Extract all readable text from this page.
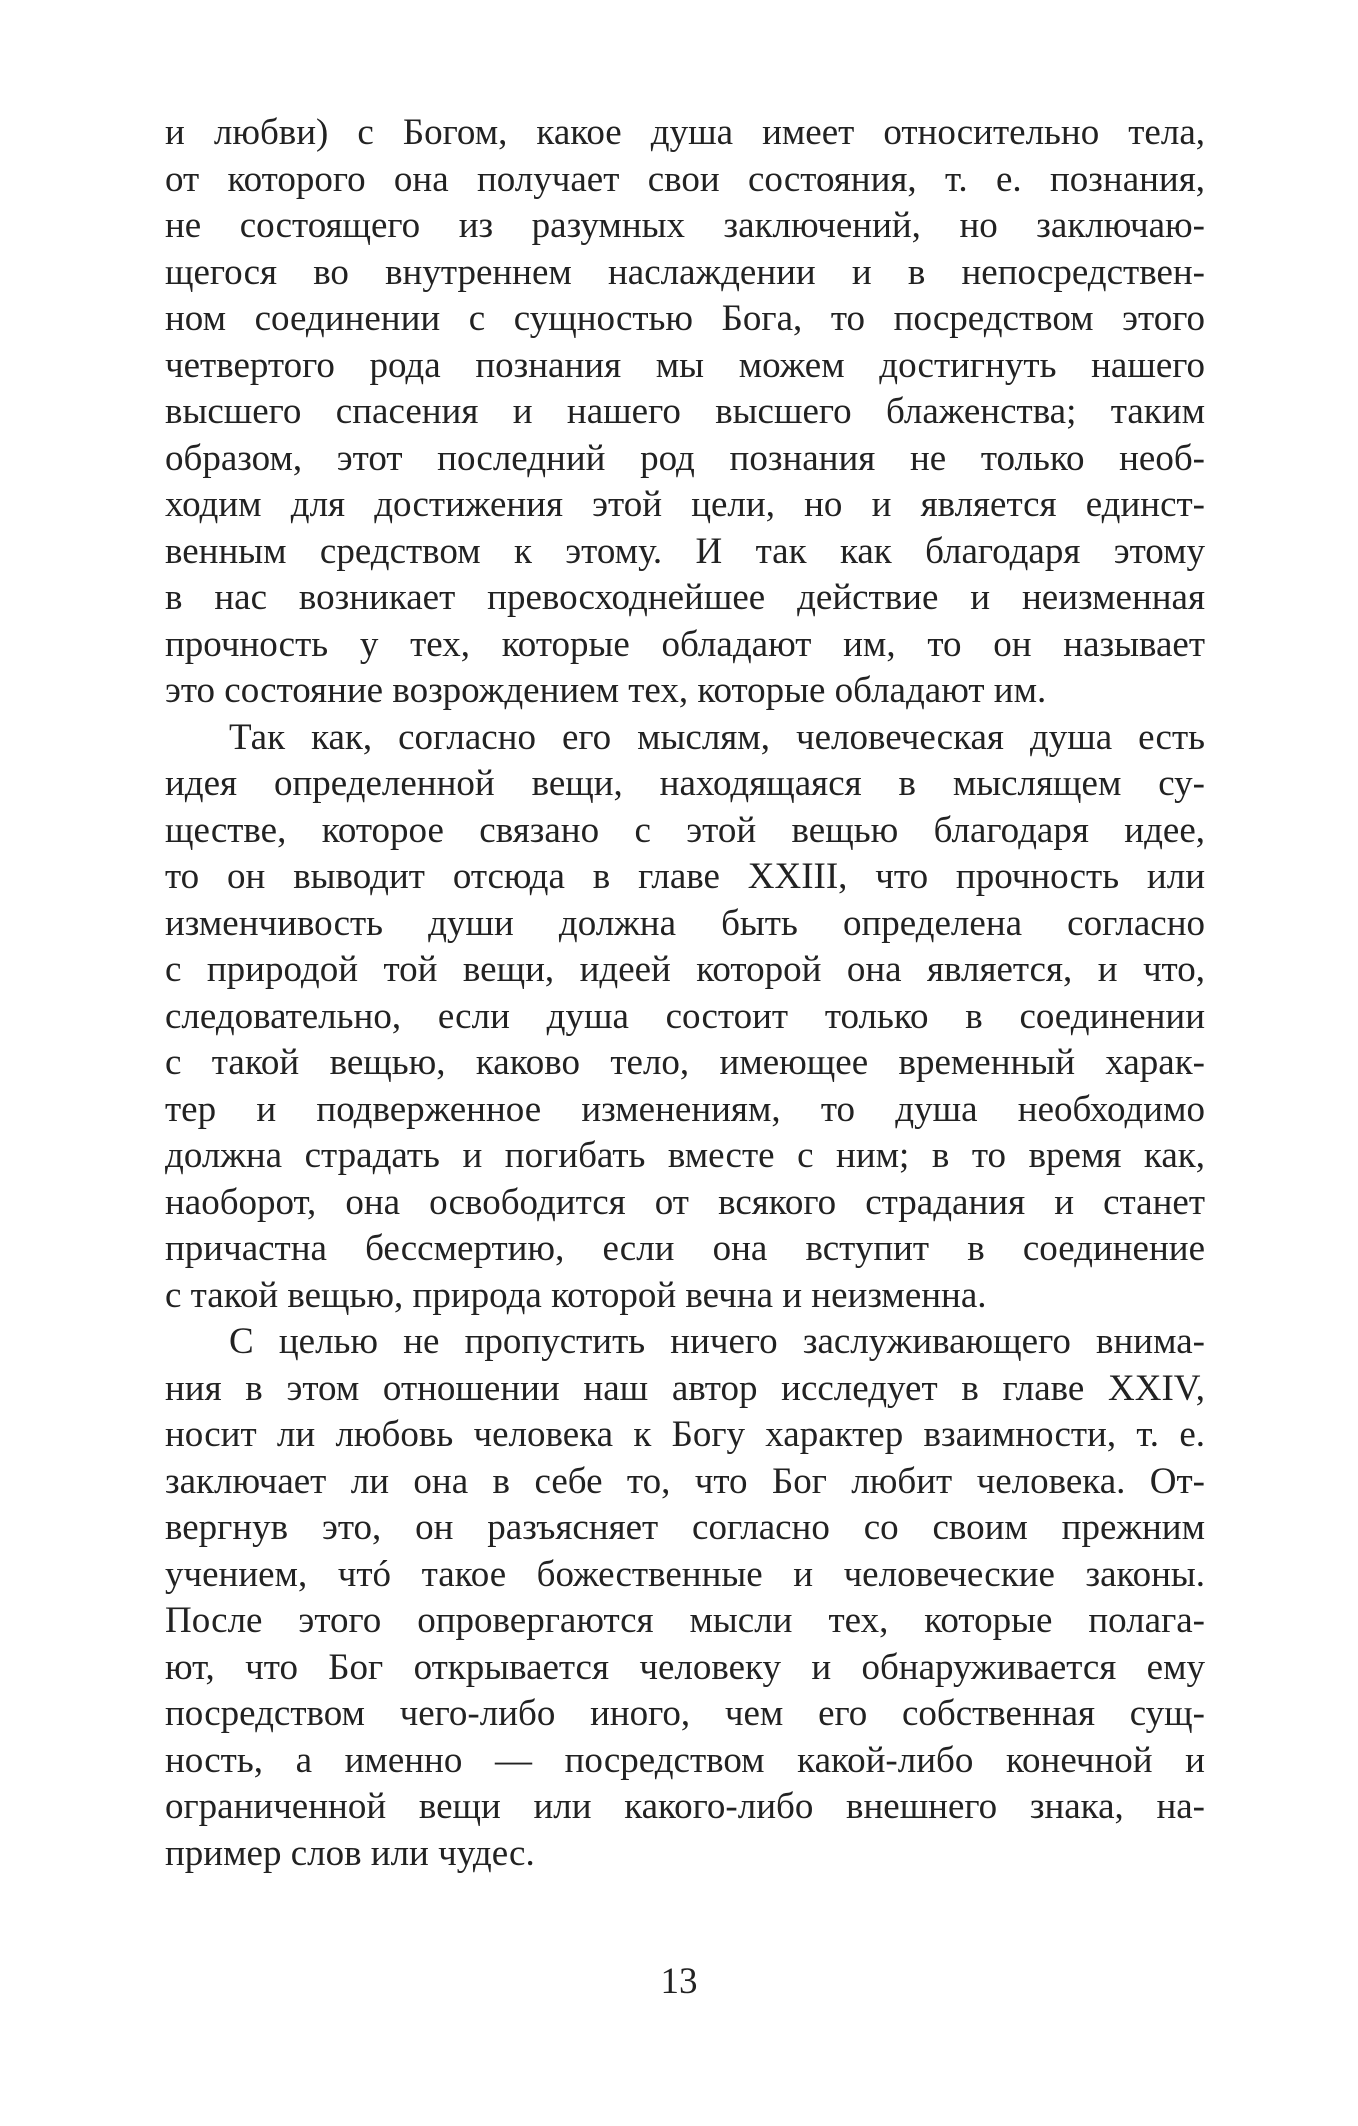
и любви) с Богом, какое душа имеет относительно тела,
от которого она получает свои состояния, т. е. познания,
не состоящего из разумных заключений, но заключаю-
щегося во внутреннем наслаждении и в непосредствен-
ном соединении с сущностью Бога, то посредством этого
четвертого рода познания мы можем достигнуть нашего
высшего спасения и нашего высшего блаженства; таким
образом, этот последний род познания не только необ-
ходим для достижения этой цели, но и является единст-
венным средством к этому. И так как благодаря этому
в нас возникает превосходнейшее действие и неизменная
прочность у тех, которые обладают им, то он называет
это состояние возрождением тех, которые обладают им.
Так как, согласно его мыслям, человеческая душа есть
идея определенной вещи, находящаяся в мыслящем су-
ществе, которое связано с этой вещью благодаря идее,
то он выводит отсюда в главе XXIII, что прочность или
изменчивость души должна быть определена согласно
с природой той вещи, идеей которой она является, и что,
следовательно, если душа состоит только в соединении
с такой вещью, каково тело, имеющее временный харак-
тер и подверженное изменениям, то душа необходимо
должна страдать и погибать вместе с ним; в то время как,
наоборот, она освободится от всякого страдания и станет
причастна бессмертию, если она вступит в соединение
с такой вещью, природа которой вечна и неизменна.
С целью не пропустить ничего заслуживающего внима-
ния в этом отношении наш автор исследует в главе XXIV,
носит ли любовь человека к Богу характер взаимности, т. е.
заключает ли она в себе то, что Бог любит человека. От-
вергнув это, он разъясняет согласно со своим прежним
учением, чтó такое божественные и человеческие законы.
После этого опровергаются мысли тех, которые полага-
ют, что Бог открывается человеку и обнаруживается ему
посредством чего-либо иного, чем его собственная сущ-
ность, а именно — посредством какой-либо конечной и
ограниченной вещи или какого-либо внешнего знака, на-
пример слов или чудес.
13
